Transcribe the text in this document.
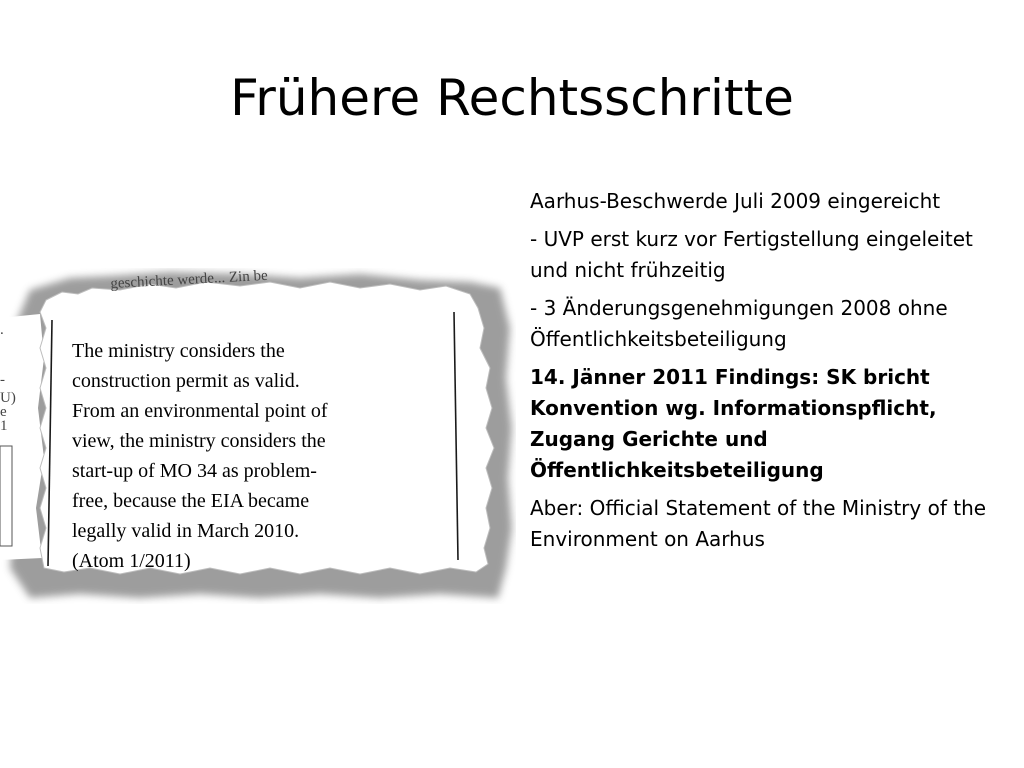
Frühere Rechtsschritte
geschichte werde... Zin be
.
-
U)
e
1
The ministry considers the
construction permit as valid.
From an environmental point of
view, the ministry considers the
start-up of MO 34 as problem-
free, because the EIA became
legally valid in March 2010.
(Atom 1/2011)

Aarhus-Beschwerde Juli 2009 eingereicht

- UVP erst kurz vor Fertigstellung eingeleitet und nicht frühzeitig

- 3 Änderungsgenehmigungen 2008 ohne Öffentlichkeitsbeteiligung

14. Jänner 2011 Findings: SK bricht Konvention wg. Informationspflicht, Zugang Gerichte und Öffentlichkeitsbeteiligung

Aber: Official Statement of the Ministry of the Environment on Aarhus
